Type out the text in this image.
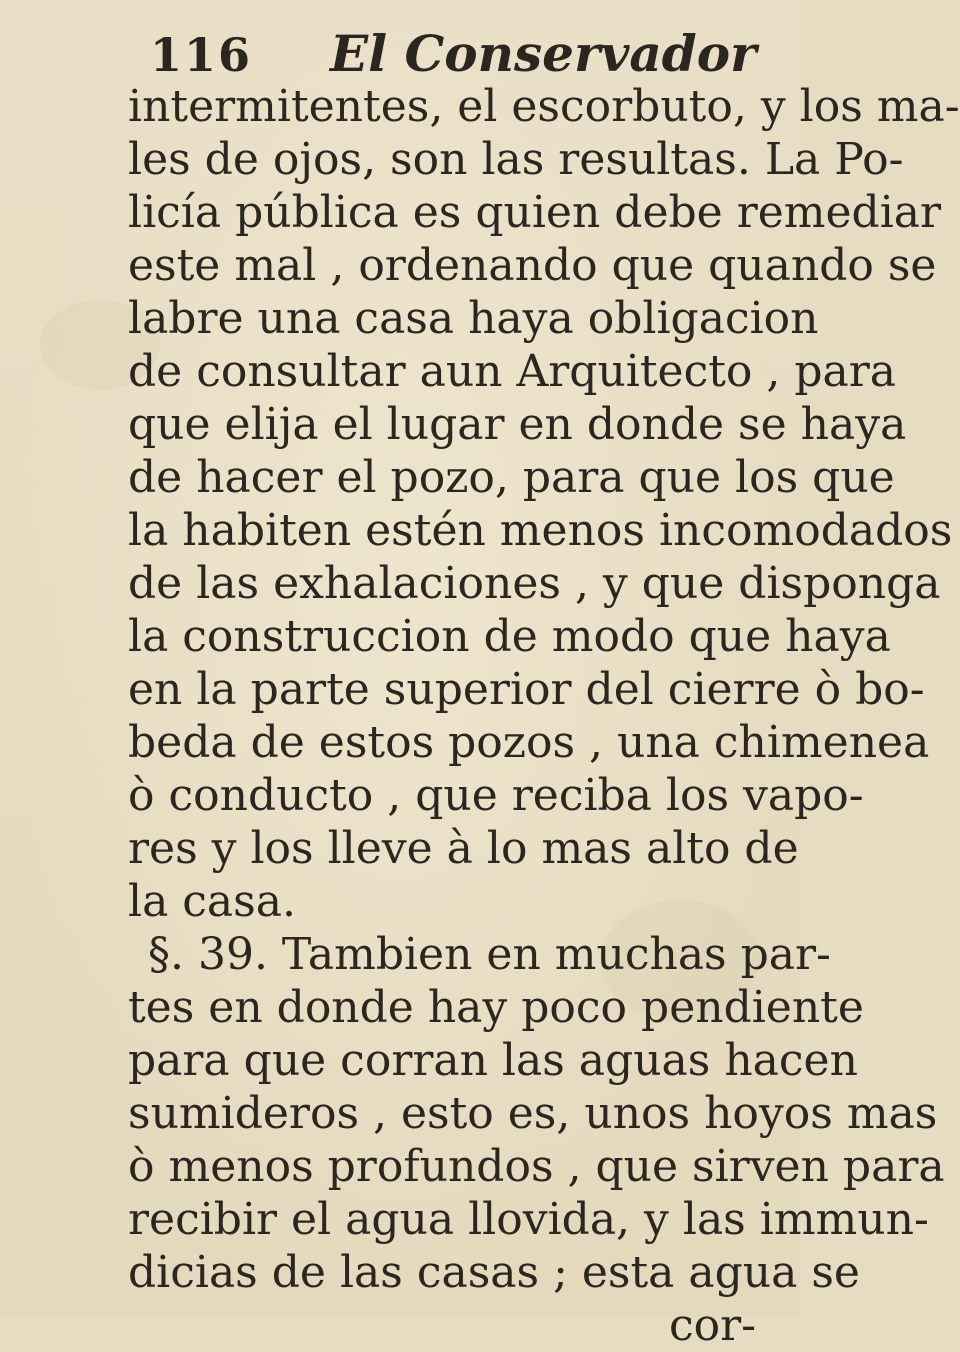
116 El Conservador
intermitentes, el escorbuto, y los ma-
les de ojos, son las resultas. La Po-
licía pública es quien debe remediar
este mal , ordenando que quando se
labre una casa haya obligacion
de consultar aun Arquitecto , para
que elija el lugar en donde se haya
de hacer el pozo, para que los que
la habiten estén menos incomodados
de las exhalaciones , y que disponga
la construccion de modo que haya
en la parte superior del cierre ò bo-
beda de estos pozos , una chimenea
ò conducto , que reciba los vapo-
res y los lleve à lo mas alto de
la casa.
§. 39. Tambien en muchas par-
tes en donde hay poco pendiente
para que corran las aguas hacen
sumideros , esto es, unos hoyos mas
ò menos profundos , que sirven para
recibir el agua llovida, y las immun-
dicias de las casas ; esta agua se
cor-
